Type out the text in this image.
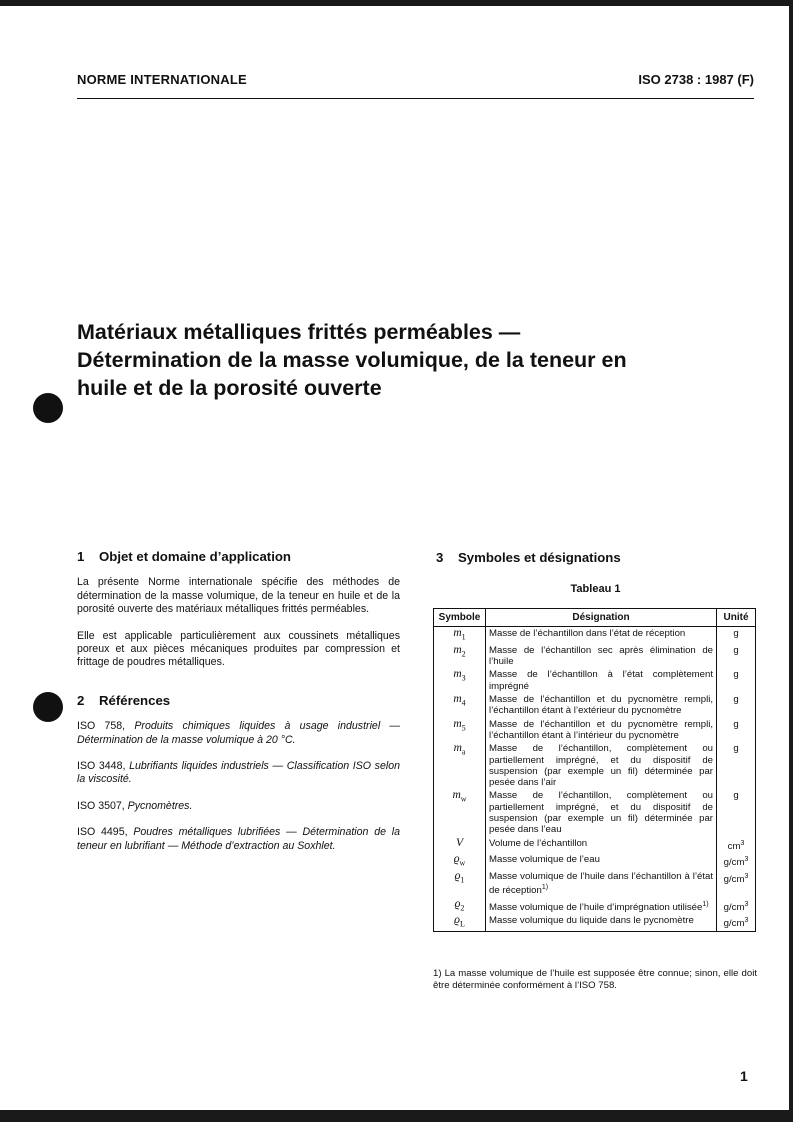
NORME INTERNATIONALE	ISO 2738 : 1987 (F)
Matériaux métalliques frittés perméables —
Détermination de la masse volumique, de la teneur en
huile et de la porosité ouverte
1 Objet et domaine d’application

La présente Norme internationale spécifie des méthodes de détermination de la masse volumique, de la teneur en huile et de la porosité ouverte des matériaux métalliques frittés perméables.

Elle est applicable particulièrement aux coussinets métalliques poreux et aux pièces mécaniques produites par compression et frittage de poudres métalliques.

2 Références

ISO 758, Produits chimiques liquides à usage industriel — Détermination de la masse volumique à 20 °C.

ISO 3448, Lubrifiants liquides industriels — Classification ISO selon la viscosité.

ISO 3507, Pycnomètres.

ISO 4495, Poudres métalliques lubrifiées — Détermination de la teneur en lubrifiant — Méthode d’extraction au Soxhlet.

3 Symboles et désignations
Tableau 1
Symbole	Désignation	Unité
$m_1$	Masse de l’échantillon dans l’état de réception	g
$m_2$	Masse de l’échantillon sec après élimination de l’huile	g
$m_3$	Masse de l’échantillon à l’état complètement imprégné	g
$m_4$	Masse de l’échantillon et du pycnomètre rempli, l’échantillon étant à l’extérieur du pycnomètre	g
$m_5$	Masse de l’échantillon et du pycnomètre rempli, l’échantillon étant à l’intérieur du pycnomètre	g
$m_a$	Masse de l’échantillon, complètement ou partiellement imprégné, et du dispositif de suspension (par exemple un fil) déterminée par pesée dans l’air	g
$m_w$	Masse de l’échantillon, complètement ou partiellement imprégné, et du dispositif de suspension (par exemple un fil) déterminée par pesée dans l’eau	g
V	Volume de l’échantillon	$cm^3$
$ϱ_w$	Masse volumique de l’eau	$g/cm^3$
$ϱ_1$	Masse volumique de l’huile dans l’échantillon à l’état de réception$^{1)}$	$g/cm^3$
$ϱ_2$	Masse volumique de l’huile d’imprégnation utilisée$^{1)}$	$g/cm^3$
$ϱ_L$	Masse volumique du liquide dans le pycnomètre	$g/cm^3$
1) La masse volumique de l’huile est supposée être connue; sinon, elle doit être déterminée conformément à l’ISO 758.
1
